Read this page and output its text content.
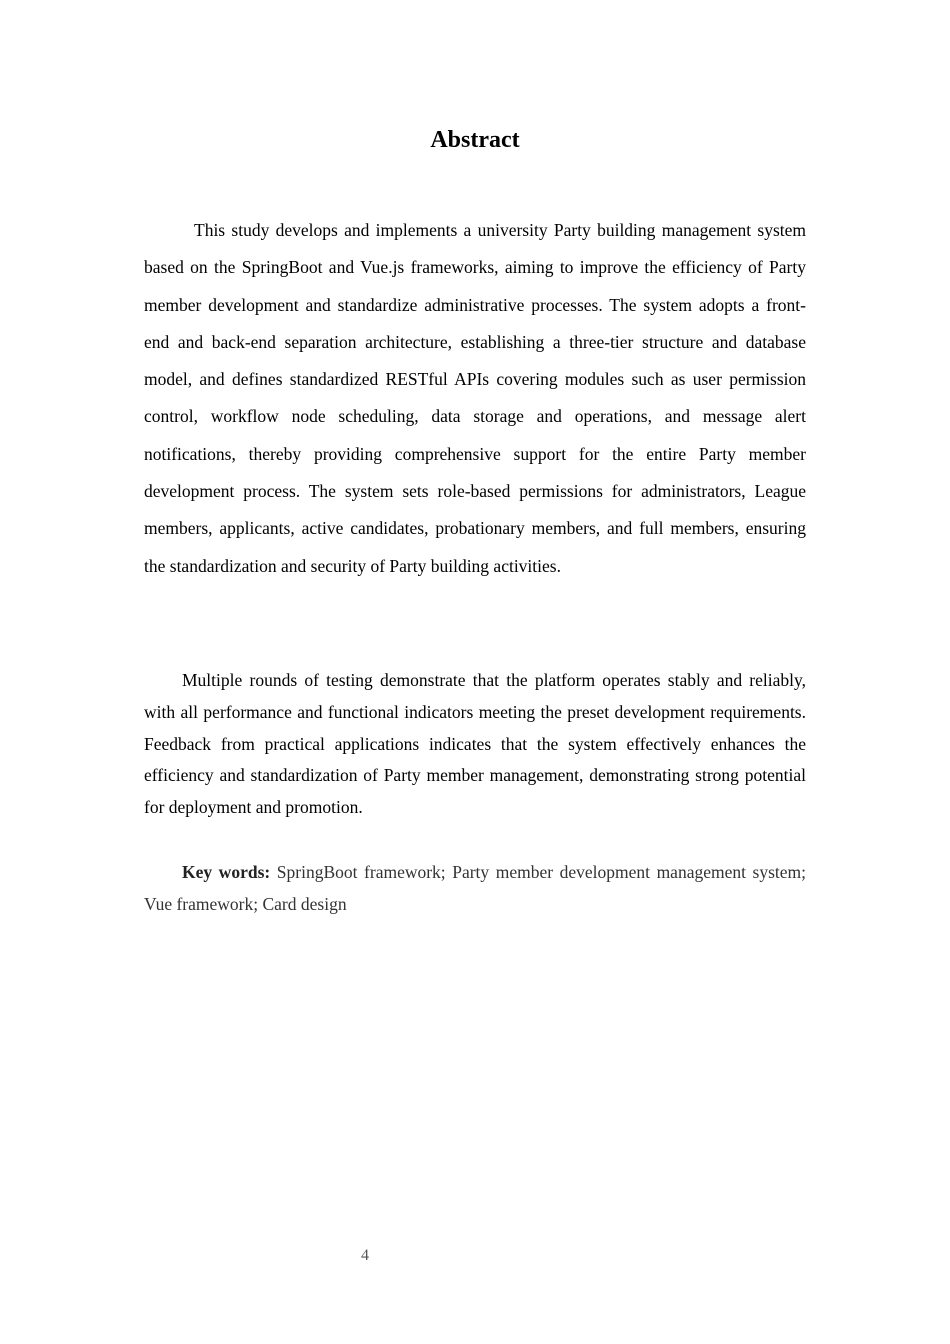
Abstract

This study develops and implements a university Party building management system based on the SpringBoot and Vue.js frameworks, aiming to improve the efficiency of Party member development and standardize administrative processes. The system adopts a front-end and back-end separation architecture, establishing a three-tier structure and database model, and defines standardized RESTful APIs covering modules such as user permission control, workflow node scheduling, data storage and operations, and message alert notifications, thereby providing comprehensive support for the entire Party member development process. The system sets role-based permissions for administrators, League members, applicants, active candidates, probationary members, and full members, ensuring the standardization and security of Party building activities.

Multiple rounds of testing demonstrate that the platform operates stably and reliably, with all performance and functional indicators meeting the preset development requirements. Feedback from practical applications indicates that the system effectively enhances the efficiency and standardization of Party member management, demonstrating strong potential for deployment and promotion.

Key words: SpringBoot framework; Party member development management system; Vue framework; Card design

4
